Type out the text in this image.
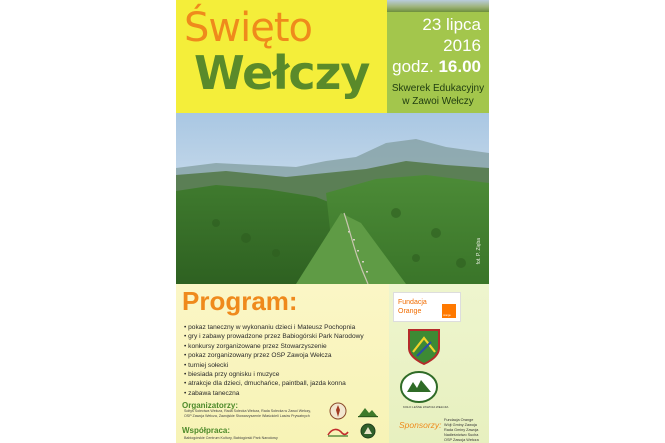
Święto
Wełczy
23 lipca
2016
godz. 16.00
Skwerek Edukacyjny
w Zawoi Wełczy
fot. P. Zięba
Program:
• pokaz taneczny w wykonaniu dzieci i Mateusz Pochopnia
• gry i zabawy prowadzone przez Babiogórski Park Narodowy
• konkursy zorganizowane przez Stowarzyszenie
• pokaz zorganizowany przez OSP Zawoja Wełcza
• turniej sołecki
• biesiada przy ognisku i muzyce
• atrakcje dla dzieci, dmuchańce, paintball, jazda konna
• zabawa taneczna
Organizatorzy:
Sołtys Sołectwa Wełcza, Rada Sołecka Wełcza, Rada Sołecka w Zawoi Wełczy,
OSP Zawoja Wełcza, Zawojskie Stowarzyszenie Właścicieli Lasów Prywatnych
Współpraca:
Babiogórskie Centrum Kultury, Babiogórski Park Narodowy
Fundacja
Orange
orange
KOŁO LEŚNE ZAWOJA WEŁCZA
Sponsorzy: Fundacja Orange
Wójt Gminy Zawoja
Rada Gminy Zawoja
Nadleśnictwo Sucha
OSP Zawoja Wełcza
